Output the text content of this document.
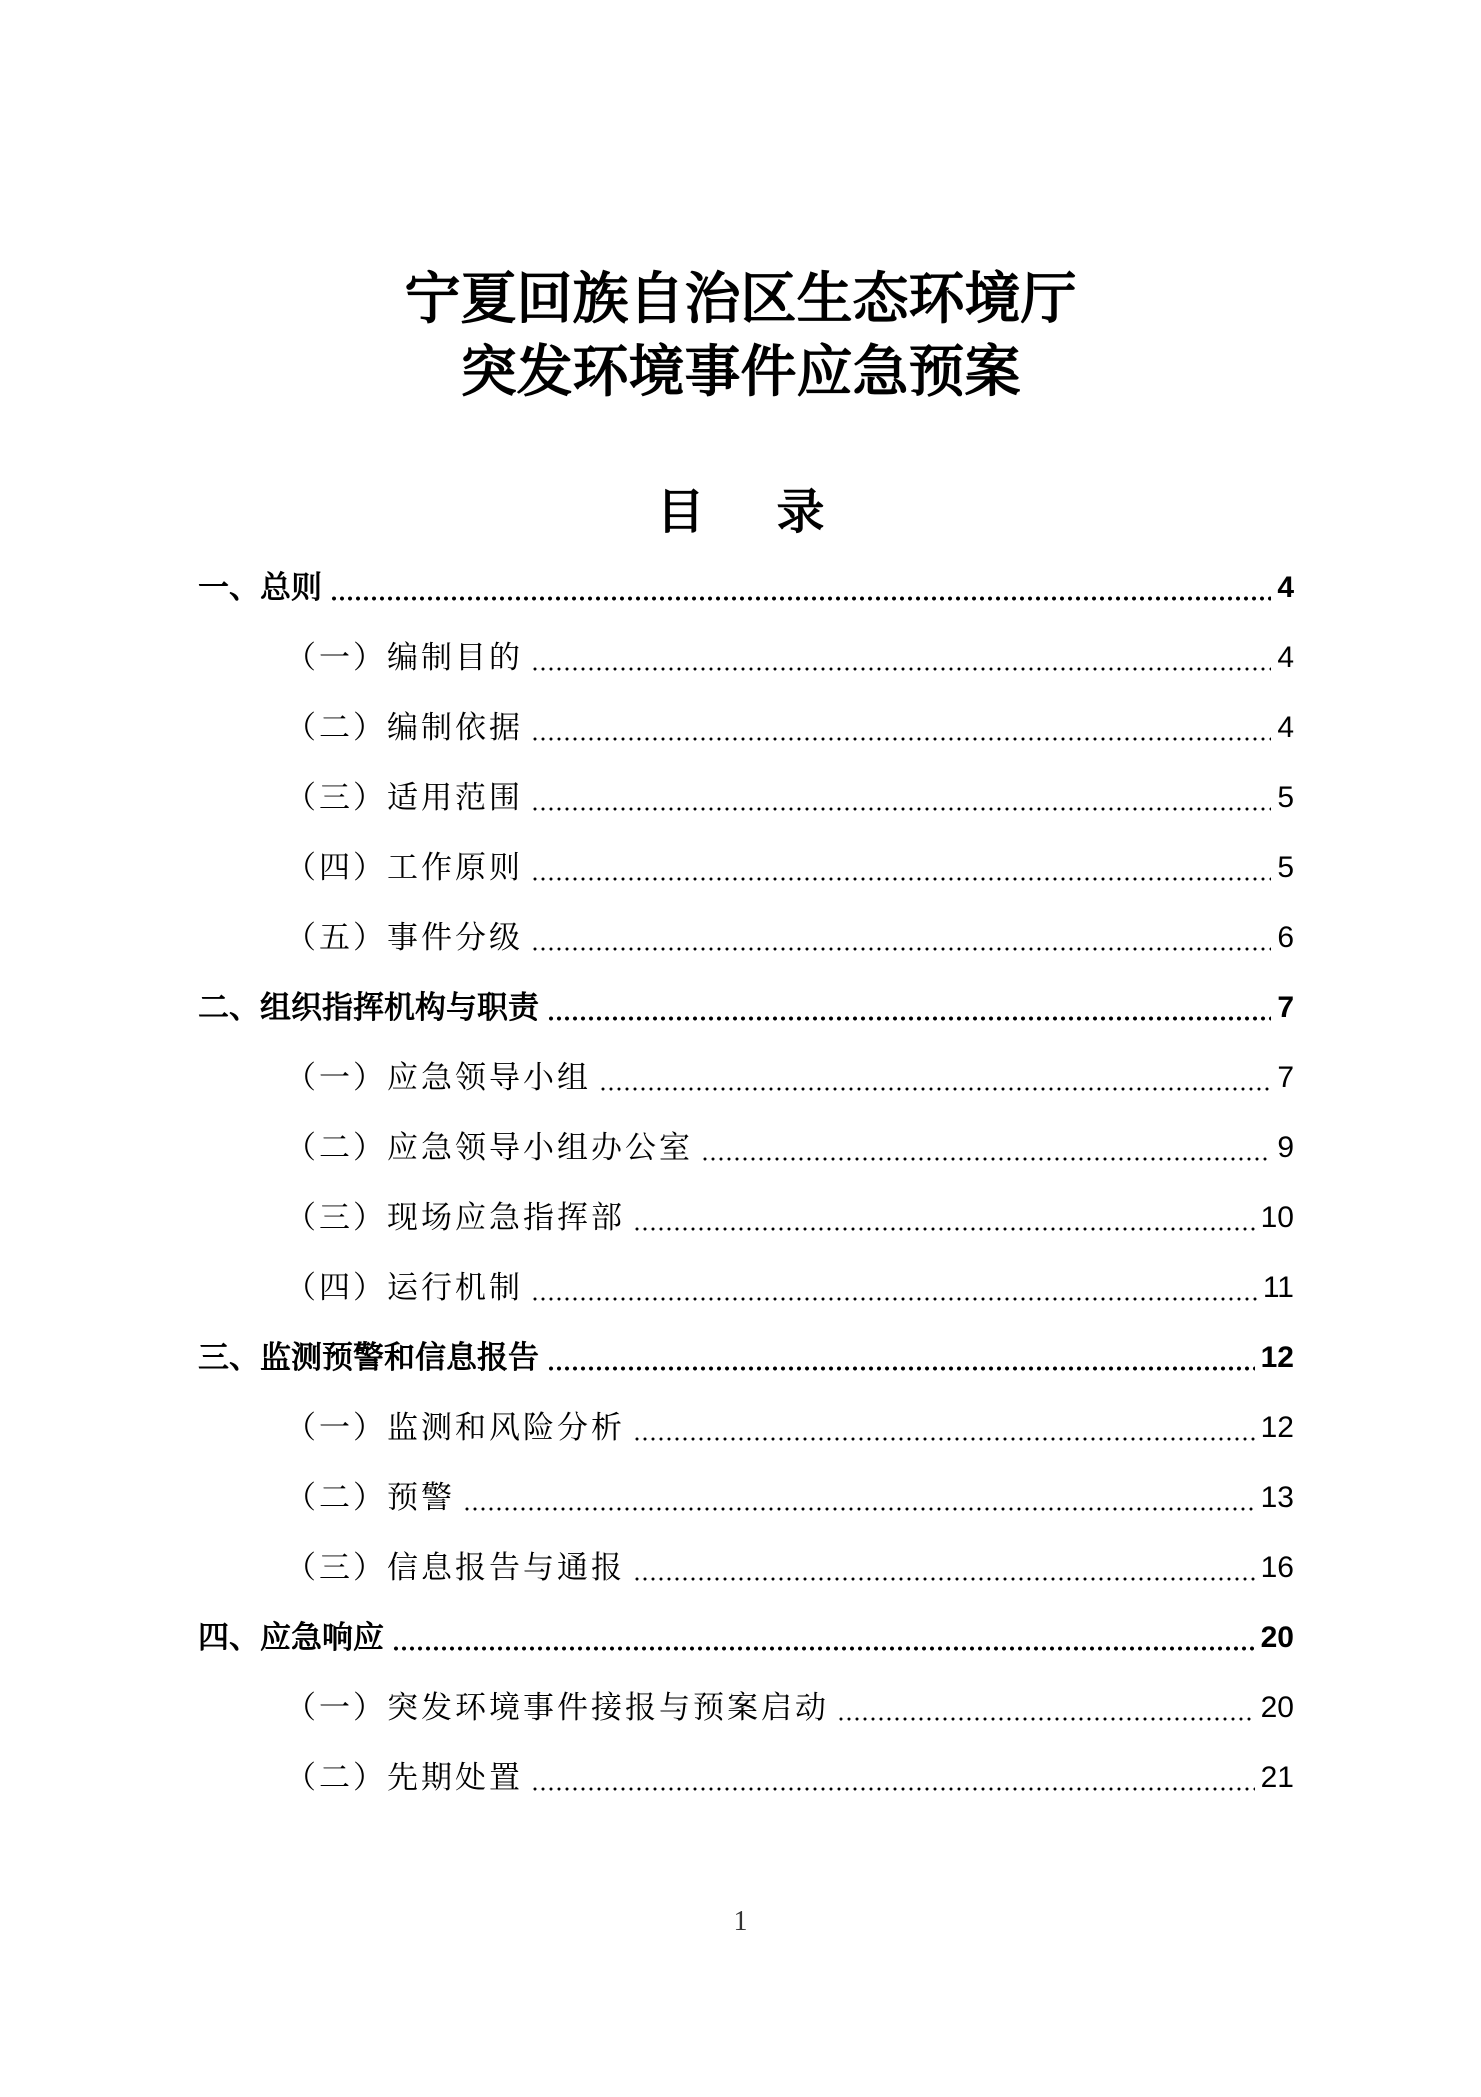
宁夏回族自治区生态环境厅
突发环境事件应急预案
目录
一、总则	4
（一）编制目的	4
（二）编制依据	4
（三）适用范围	5
（四）工作原则	5
（五）事件分级	6
二、组织指挥机构与职责	7
（一）应急领导小组	7
（二）应急领导小组办公室	9
（三）现场应急指挥部	10
（四）运行机制	11
三、监测预警和信息报告	12
（一）监测和风险分析	12
（二）预警	13
（三）信息报告与通报	16
四、应急响应	20
（一）突发环境事件接报与预案启动	20
（二）先期处置	21
1
